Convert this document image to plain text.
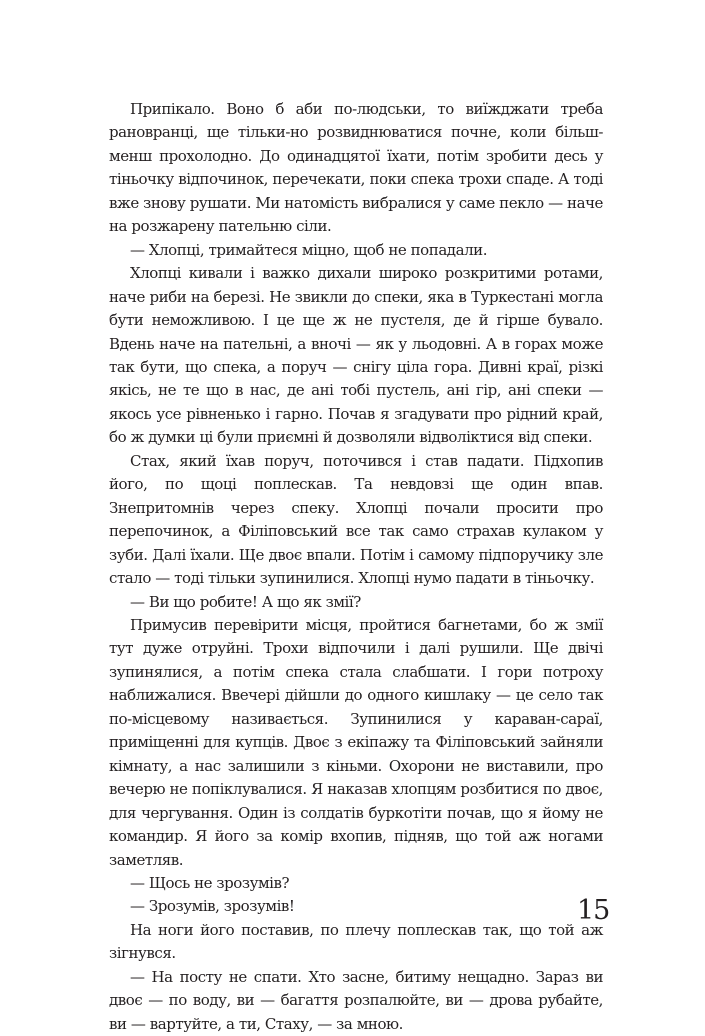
Припікало. Воно б аби по-людськи, то виїжджати треба рановранці, ще тільки-но розвиднюватися почне, коли більш-менш прохолодно. До одинадцятої їхати, потім зробити десь у тіньочку відпочинок, перечекати, поки спека трохи спаде. А тоді вже знову рушати. Ми натомість вибралися у саме пекло — наче на розжарену пательню сіли.

— Хлопці, тримайтеся міцно, щоб не попадали.

Хлопці кивали і важко дихали широко розкритими ротами, наче риби на березі. Не звикли до спеки, яка в Туркестані могла бути неможливою. І це ще ж не пустеля, де й гірше бувало. Вдень наче на пательні, а вночі — як у льодовні. А в горах може так бути, що спека, а поруч — снігу ціла гора. Дивні краї, різкі якісь, не те що в нас, де ані тобі пустель, ані гір, ані спеки — якось усе рівненько і гарно. Почав я згадувати про рідний край, бо ж думки ці були приємні й дозволяли відволіктися від спеки.

Стах, який їхав поруч, поточився і став падати. Підхопив його, по щоці поплескав. Та невдовзі ще один впав. Знепритомнів через спеку. Хлопці почали просити про перепочинок, а Філіповський все так само страхав кулаком у зуби. Далі їхали. Ще двоє впали. Потім і самому підпоручику зле стало — тоді тільки зупинилися. Хлопці нумо падати в тіньочку.

— Ви що робите! А що як змії?

Примусив перевірити місця, пройтися багнетами, бо ж змії тут дуже отруйні. Трохи відпочили і далі рушили. Ще двічі зупинялися, а потім спека стала слабшати. І гори потроху наближалися. Ввечері дійшли до одного кишлаку — це село так по-місцевому називається. Зупинилися у караван-сараї, приміщенні для купців. Двоє з екіпажу та Філіповський зайняли кімнату, а нас залишили з кіньми. Охорони не виставили, про вечерю не попіклувалися. Я наказав хлопцям розбитися по двоє, для чергування. Один із солдатів буркотіти почав, що я йому не командир. Я його за комір вхопив, підняв, що той аж ногами заметляв.

— Щось не зрозумів?

— Зрозумів, зрозумів!

На ноги його поставив, по плечу поплескав так, що той аж зігнувся.

— На посту не спати. Хто засне, битиму нещадно. Зараз ви двоє — по воду, ви — багаття розпалюйте, ви — дрова рубайте, ви — вартуйте, а ти, Стаху, — за мною.

15
